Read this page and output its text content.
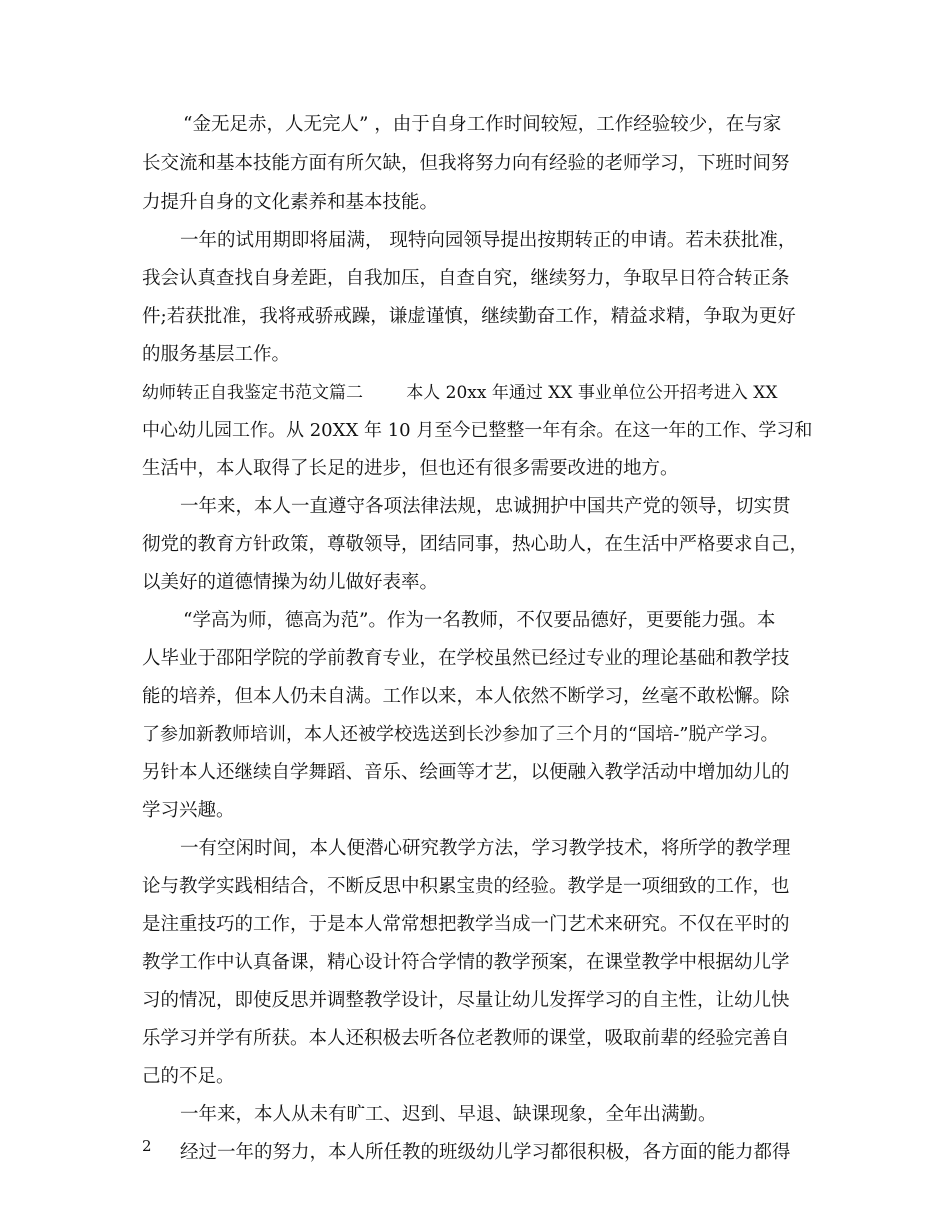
“金无足赤，人无完人” ，由于自身工作时间较短，工作经验较少，在与家
长交流和基本技能方面有所欠缺，但我将努力向有经验的老师学习，下班时间努
力提升自身的文化素养和基本技能。
一年的试用期即将届满， 现特向园领导提出按期转正的申请。若未获批准，
我会认真查找自身差距，自我加压，自查自究，继续努力，争取早日符合转正条
件;若获批准，我将戒骄戒躁，谦虚谨慎，继续勤奋工作，精益求精，争取为更好
的服务基层工作。
幼师转正自我鉴定书范文篇二        本人 20xx 年通过 XX 事业单位公开招考进入 XX
中心幼儿园工作。从 20XX 年 10 月至今已整整一年有余。在这一年的工作、学习和
生活中，本人取得了长足的进步，但也还有很多需要改进的地方。
一年来，本人一直遵守各项法律法规，忠诚拥护中国共产党的领导，切实贯
彻党的教育方针政策，尊敬领导，团结同事，热心助人，在生活中严格要求自己，
以美好的道德情操为幼儿做好表率。
“学高为师，德高为范”。作为一名教师，不仅要品德好，更要能力强。本
人毕业于邵阳学院的学前教育专业，在学校虽然已经过专业的理论基础和教学技
能的培养，但本人仍未自满。工作以来，本人依然不断学习，丝毫不敢松懈。除
了参加新教师培训，本人还被学校选送到长沙参加了三个月的“国培-”脱产学习。
另针本人还继续自学舞蹈、音乐、绘画等才艺，以便融入教学活动中增加幼儿的
学习兴趣。
一有空闲时间，本人便潜心研究教学方法，学习教学技术，将所学的教学理
论与教学实践相结合，不断反思中积累宝贵的经验。教学是一项细致的工作，也
是注重技巧的工作，于是本人常常想把教学当成一门艺术来研究。不仅在平时的
教学工作中认真备课，精心设计符合学情的教学预案，在课堂教学中根据幼儿学
习的情况，即使反思并调整教学设计，尽量让幼儿发挥学习的自主性，让幼儿快
乐学习并学有所获。本人还积极去听各位老教师的课堂，吸取前辈的经验完善自
己的不足。
一年来，本人从未有旷工、迟到、早退、缺课现象，全年出满勤。
经过一年的努力，本人所任教的班级幼儿学习都很积极，各方面的能力都得
2
